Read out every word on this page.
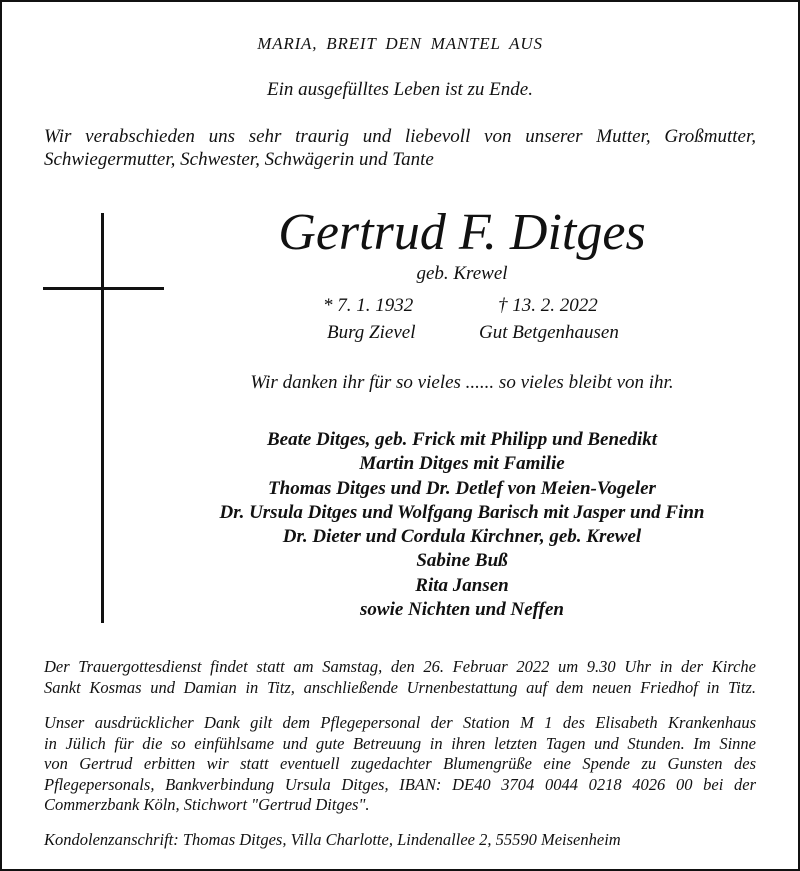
MARIA, BREIT DEN MANTEL AUS

Ein ausgefülltes Leben ist zu Ende.

Wir verabschieden uns sehr traurig und liebevoll von unserer Mutter, Großmutter,
Schwiegermutter, Schwester, Schwägerin und Tante

Gertrud F. Ditges

geb. Krewel

* 7. 1. 1932

Burg Zievel

† 13. 2. 2022

Gut Betgenhausen

Wir danken ihr für so vieles ...... so vieles bleibt von ihr.

Beate Ditges, geb. Frick mit Philipp und Benedikt
Martin Ditges mit Familie
Thomas Ditges und Dr. Detlef von Meien-Vogeler
Dr. Ursula Ditges und Wolfgang Barisch mit Jasper und Finn
Dr. Dieter und Cordula Kirchner, geb. Krewel
Sabine Buß
Rita Jansen
sowie Nichten und Neffen
Der Trauergottesdienst findet statt am Samstag, den 26. Februar 2022 um 9.30 Uhr in der Kirche
Sankt Kosmas und Damian in Titz, anschließende Urnenbestattung auf dem neuen Friedhof in Titz.
Unser ausdrücklicher Dank gilt dem Pflegepersonal der Station M 1 des Elisabeth Krankenhaus
in Jülich für die so einfühlsame und gute Betreuung in ihren letzten Tagen und Stunden. Im Sinne
von Gertrud erbitten wir statt eventuell zugedachter Blumengrüße eine Spende zu Gunsten des
Pflegepersonals, Bankverbindung Ursula Ditges, IBAN: DE40 3704 0044 0218 4026 00 bei der
Commerzbank Köln, Stichwort "Gertrud Ditges".

Kondolenzanschrift: Thomas Ditges, Villa Charlotte, Lindenallee 2, 55590 Meisenheim
